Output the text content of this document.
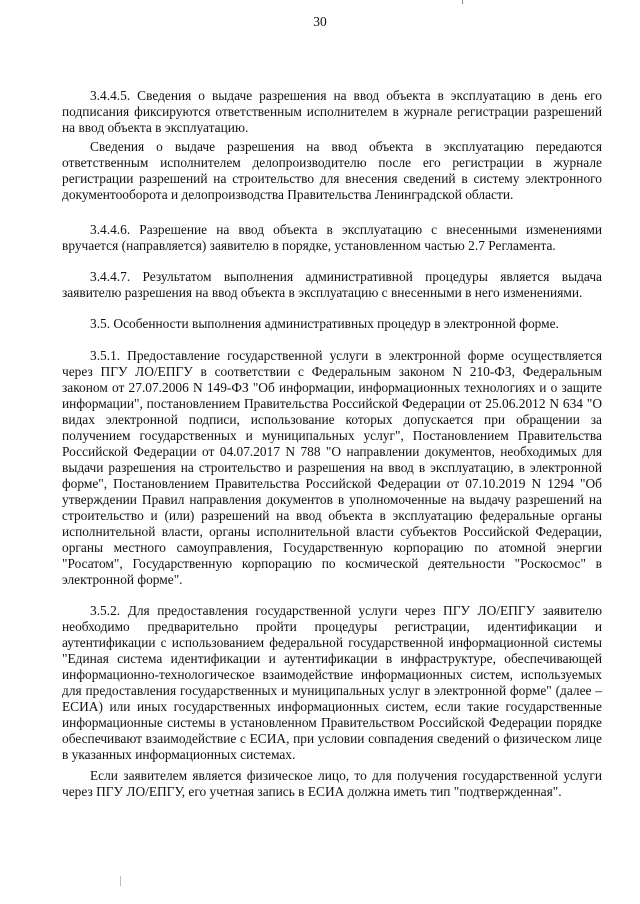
30

3.4.4.5. Сведения о выдаче разрешения на ввод объекта в эксплуатацию в день его подписания фиксируются ответственным исполнителем в журнале регистрации разрешений на ввод объекта в эксплуатацию.

Сведения о выдаче разрешения на ввод объекта в эксплуатацию передаются ответственным исполнителем делопроизводителю после его регистрации в журнале регистрации разрешений на строительство для внесения сведений в систему электронного документооборота и делопроизводства Правительства Ленинградской области.

3.4.4.6. Разрешение на ввод объекта в эксплуатацию с внесенными изменениями вручается (направляется) заявителю в порядке, установленном частью 2.7 Регламента.

3.4.4.7. Результатом выполнения административной процедуры является выдача заявителю разрешения на ввод объекта в эксплуатацию с внесенными в него изменениями.

3.5. Особенности выполнения административных процедур в электронной форме.

3.5.1. Предоставление государственной услуги в электронной форме осуществляется через ПГУ ЛО/ЕПГУ в соответствии с Федеральным законом N 210-ФЗ, Федеральным законом от 27.07.2006 N 149-ФЗ "Об информации, информационных технологиях и о защите информации", постановлением Правительства Российской Федерации от 25.06.2012 N 634 "О видах электронной подписи, использование которых допускается при обращении за получением государственных и муниципальных услуг", Постановлением Правительства Российской Федерации от 04.07.2017 N 788 "О направлении документов, необходимых для выдачи разрешения на строительство и разрешения на ввод в эксплуатацию, в электронной форме", Постановлением Правительства Российской Федерации от 07.10.2019 N 1294 "Об утверждении Правил направления документов в уполномоченные на выдачу разрешений на строительство и (или) разрешений на ввод объекта в эксплуатацию федеральные органы исполнительной власти, органы исполнительной власти субъектов Российской Федерации, органы местного самоуправления, Государственную корпорацию по атомной энергии "Росатом", Государственную корпорацию по космической деятельности "Роскосмос" в электронной форме".

3.5.2. Для предоставления государственной услуги через ПГУ ЛО/ЕПГУ заявителю необходимо предварительно пройти процедуры регистрации, идентификации и аутентификации с использованием федеральной государственной информационной системы "Единая система идентификации и аутентификации в инфраструктуре, обеспечивающей информационно-технологическое взаимодействие информационных систем, используемых для предоставления государственных и муниципальных услуг в электронной форме" (далее – ЕСИА) или иных государственных информационных систем, если такие государственные информационные системы в установленном Правительством Российской Федерации порядке обеспечивают взаимодействие с ЕСИА, при условии совпадения сведений о физическом лице в указанных информационных системах.

Если заявителем является физическое лицо, то для получения государственной услуги через ПГУ ЛО/ЕПГУ, его учетная запись в ЕСИА должна иметь тип "подтвержденная".
